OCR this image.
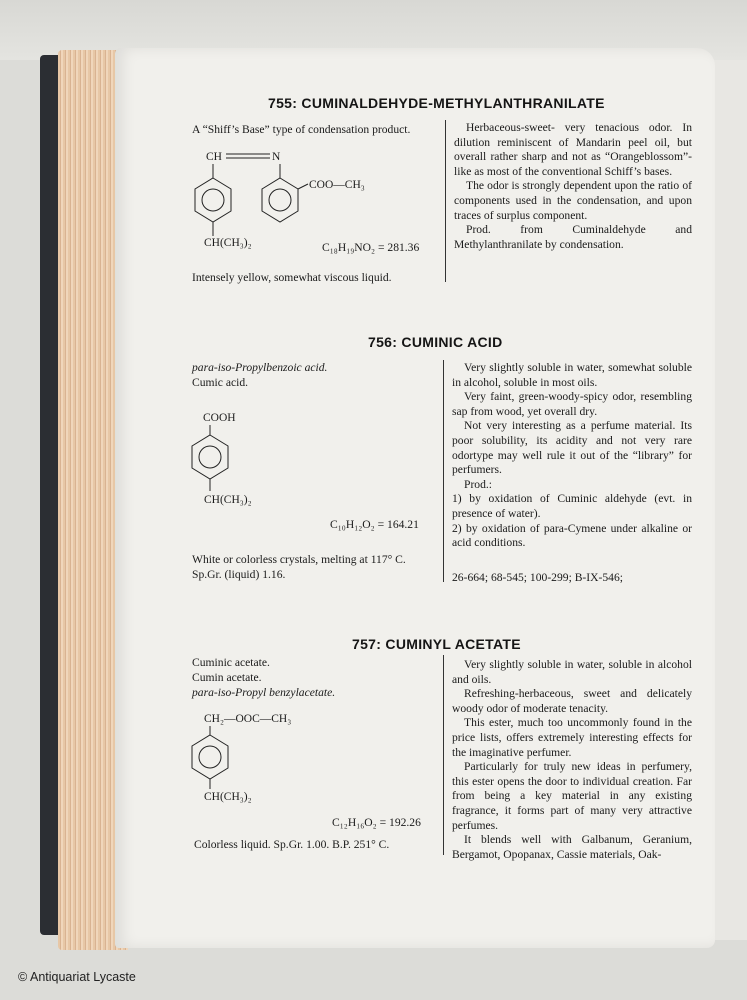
755: CUMINALDEHYDE-METHYLANTHRANILATE
A “Shiff’s Base” type of condensation product.
CH	N
CH(CH₃)₂
COO—CH₃
C₁₈H₁₉NO₂ = 281.36
Intensely yellow, somewhat viscous liquid.

Herbaceous-sweet- very tenacious odor. In dilution reminiscent of Mandarin peel oil, but overall rather sharp and not as “Orangeblossom”-like as most of the conventional Schiff’s bases.

The odor is strongly dependent upon the ratio of components used in the condensation, and upon traces of surplus component.

Prod. from Cuminaldehyde and Methylanthranilate by condensation.

756: CUMINIC ACID
para-iso-Propylbenzoic acid.
Cumic acid.
COOH
CH(CH₃)₂
C₁₀H₁₂O₂ = 164.21
White or colorless crystals, melting at 117° C.
Sp.Gr. (liquid) 1.16.

Very slightly soluble in water, somewhat soluble in alcohol, soluble in most oils.

Very faint, green-woody-spicy odor, resembling sap from wood, yet overall dry.

Not very interesting as a perfume material. Its poor solubility, its acidity and not very rare odortype may well rule it out of the “library” for perfumers.

Prod.:

1) by oxidation of Cuminic aldehyde (evt. in presence of water).

2) by oxidation of para-Cymene under alkaline or acid conditions.

26-664; 68-545; 100-299; B-IX-546;
757: CUMINYL ACETATE
Cuminic acetate.
Cumin acetate.
para-iso-Propyl benzylacetate.
CH₂—OOC—CH₃
CH(CH₃)₂
C₁₂H₁₆O₂ = 192.26
Colorless liquid. Sp.Gr. 1.00. B.P. 251° C.

Very slightly soluble in water, soluble in alcohol and oils.

Refreshing-herbaceous, sweet and delicately woody odor of moderate tenacity.

This ester, much too uncommonly found in the price lists, offers extremely interesting effects for the imaginative perfumer.

Particularly for truly new ideas in perfumery, this ester opens the door to individual creation. Far from being a key material in any existing fragrance, it forms part of many very attractive perfumes.

It blends well with Galbanum, Geranium, Bergamot, Opopanax, Cassie materials, Oak-

© Antiquariat Lycaste
